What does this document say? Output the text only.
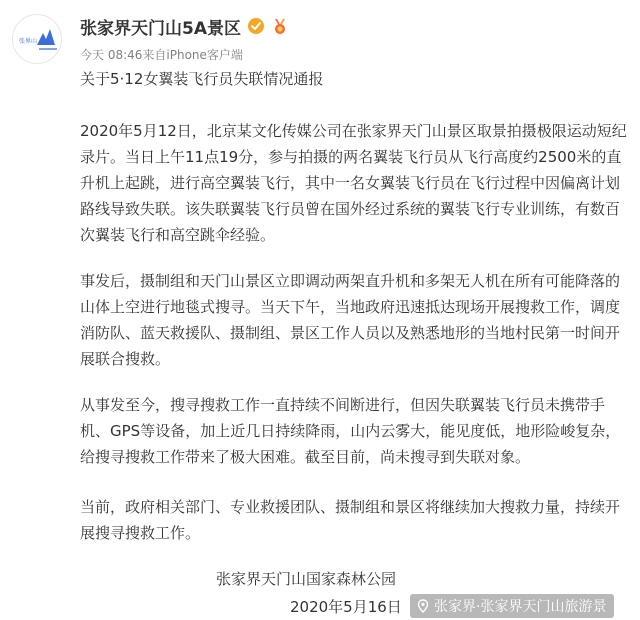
张界山
张家界天门山5A景区
今天 08:46来自iPhone客户端
关于5·12女翼装飞行员失联情况通报

2020年5月12日，北京某文化传媒公司在张家界天门山景区取景拍摄极限运动短纪录片。当日上午11点19分，参与拍摄的两名翼装飞行员从飞行高度约2500米的直升机上起跳，进行高空翼装飞行，其中一名女翼装飞行员在飞行过程中因偏离计划路线导致失联。该失联翼装飞行员曾在国外经过系统的翼装飞行专业训练，有数百次翼装飞行和高空跳伞经验。

事发后，摄制组和天门山景区立即调动两架直升机和多架无人机在所有可能降落的山体上空进行地毯式搜寻。当天下午，当地政府迅速抵达现场开展搜救工作，调度消防队、蓝天救援队、摄制组、景区工作人员以及熟悉地形的当地村民第一时间开展联合搜救。

从事发至今，搜寻搜救工作一直持续不间断进行，但因失联翼装飞行员未携带手机、GPS等设备，加上近几日持续降雨，山内云雾大，能见度低，地形险峻复杂，给搜寻搜救工作带来了极大困难。截至目前，尚未搜寻到失联对象。

当前，政府相关部门、专业救援团队、摄制组和景区将继续加大搜救力量，持续开展搜寻搜救工作。

张家界天门山国家森林公园
2020年5月16日 张家界·张家界天门山旅游景
